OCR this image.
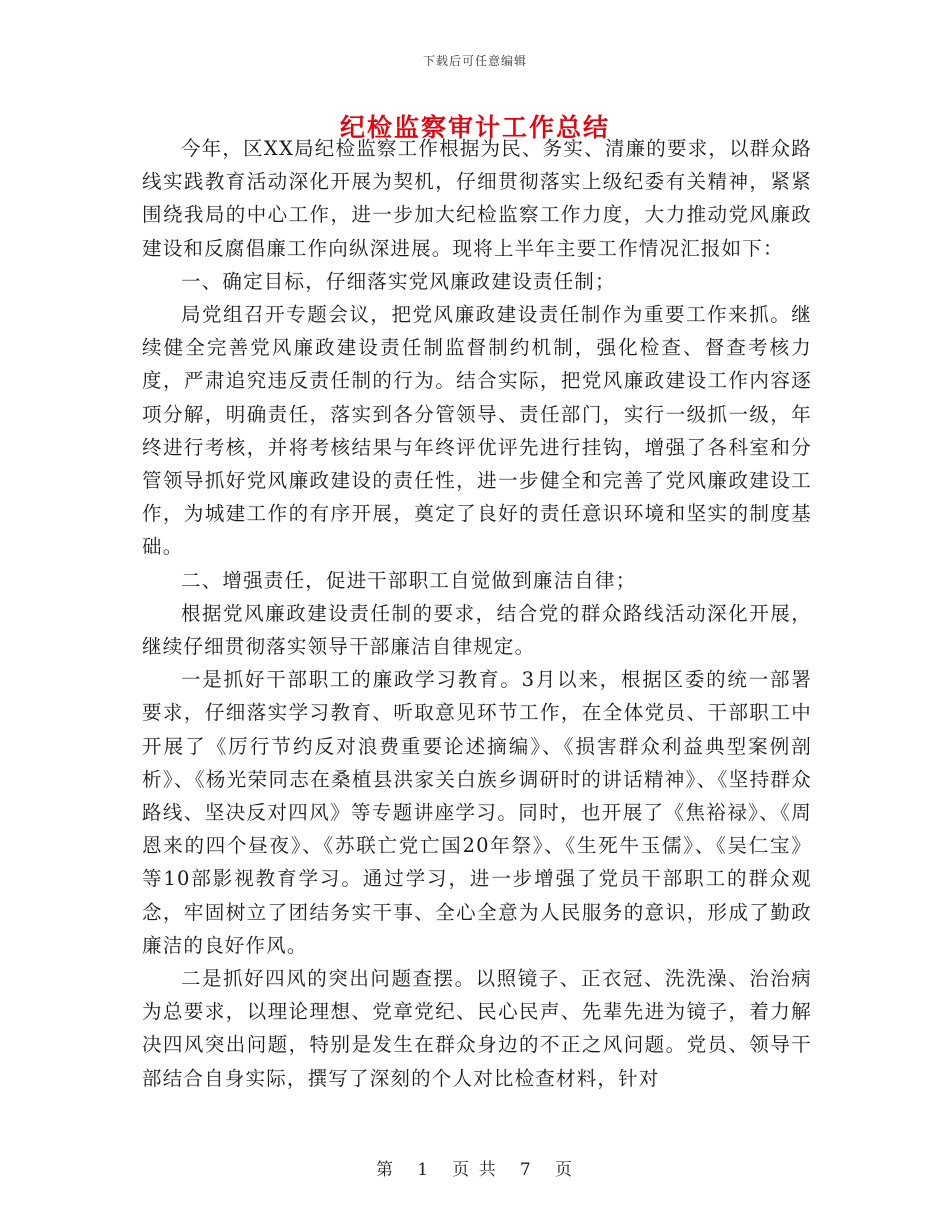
下载后可任意编辑
纪检监察审计工作总结

今年，区XX局纪检监察工作根据为民、务实、清廉的要求，以群众路线实践教育活动深化开展为契机，仔细贯彻落实上级纪委有关精神，紧紧围绕我局的中心工作，进一步加大纪检监察工作力度，大力推动党风廉政建设和反腐倡廉工作向纵深进展。现将上半年主要工作情况汇报如下：

一、确定目标，仔细落实党风廉政建设责任制；

局党组召开专题会议，把党风廉政建设责任制作为重要工作来抓。继续健全完善党风廉政建设责任制监督制约机制，强化检查、督查考核力度，严肃追究违反责任制的行为。结合实际，把党风廉政建设工作内容逐项分解，明确责任，落实到各分管领导、责任部门，实行一级抓一级，年终进行考核，并将考核结果与年终评优评先进行挂钩，增强了各科室和分管领导抓好党风廉政建设的责任性，进一步健全和完善了党风廉政建设工作，为城建工作的有序开展，奠定了良好的责任意识环境和坚实的制度基础。

二、增强责任，促进干部职工自觉做到廉洁自律；

根据党风廉政建设责任制的要求，结合党的群众路线活动深化开展，继续仔细贯彻落实领导干部廉洁自律规定。

一是抓好干部职工的廉政学习教育。3月以来，根据区委的统一部署要求，仔细落实学习教育、听取意见环节工作，在全体党员、干部职工中开展了《厉行节约反对浪费重要论述摘编》、《损害群众利益典型案例剖析》、《杨光荣同志在桑植县洪家关白族乡调研时的讲话精神》、《坚持群众路线、坚决反对四风》等专题讲座学习。同时，也开展了《焦裕禄》、《周恩来的四个昼夜》、《苏联亡党亡国20年祭》、《生死牛玉儒》、《吴仁宝》等10部影视教育学习。通过学习，进一步增强了党员干部职工的群众观念，牢固树立了团结务实干事、全心全意为人民服务的意识，形成了勤政廉洁的良好作风。

二是抓好四风的突出问题查摆。以照镜子、正衣冠、洗洗澡、治治病为总要求，以理论理想、党章党纪、民心民声、先辈先进为镜子，着力解决四风突出问题，特别是发生在群众身边的不正之风问题。党员、领导干部结合自身实际，撰写了深刻的个人对比检查材料，针对

第 1 页 共 7 页
